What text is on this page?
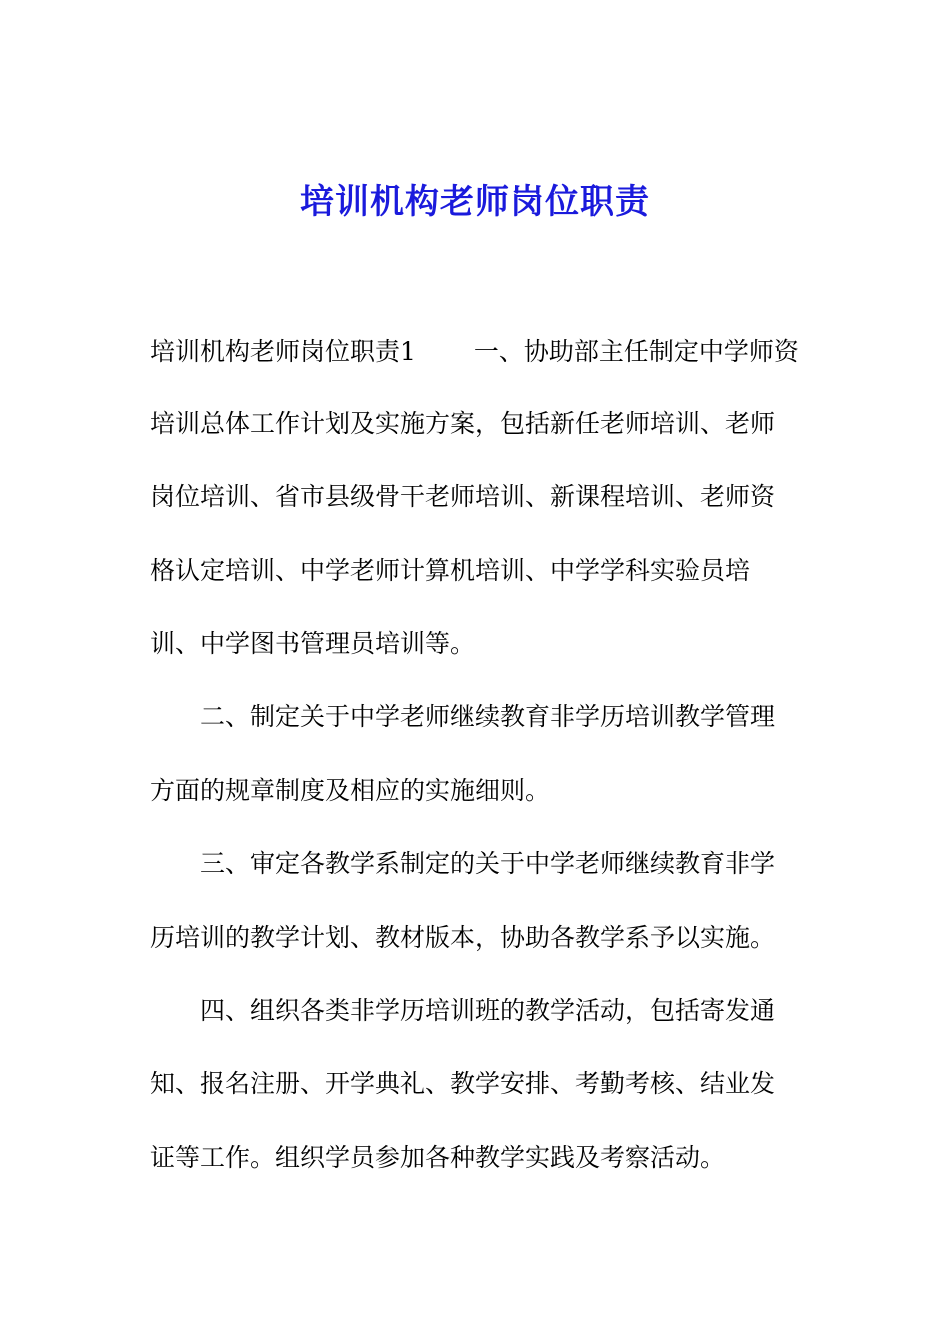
培训机构老师岗位职责

培训机构老师岗位职责1 一、协助部主任制定中学师资

培训总体工作计划及实施方案，包括新任老师培训、老师

岗位培训、省市县级骨干老师培训、新课程培训、老师资

格认定培训、中学老师计算机培训、中学学科实验员培

训、中学图书管理员培训等。

二、制定关于中学老师继续教育非学历培训教学管理

方面的规章制度及相应的实施细则。

三、审定各教学系制定的关于中学老师继续教育非学

历培训的教学计划、教材版本，协助各教学系予以实施。

四、组织各类非学历培训班的教学活动，包括寄发通

知、报名注册、开学典礼、教学安排、考勤考核、结业发

证等工作。组织学员参加各种教学实践及考察活动。
